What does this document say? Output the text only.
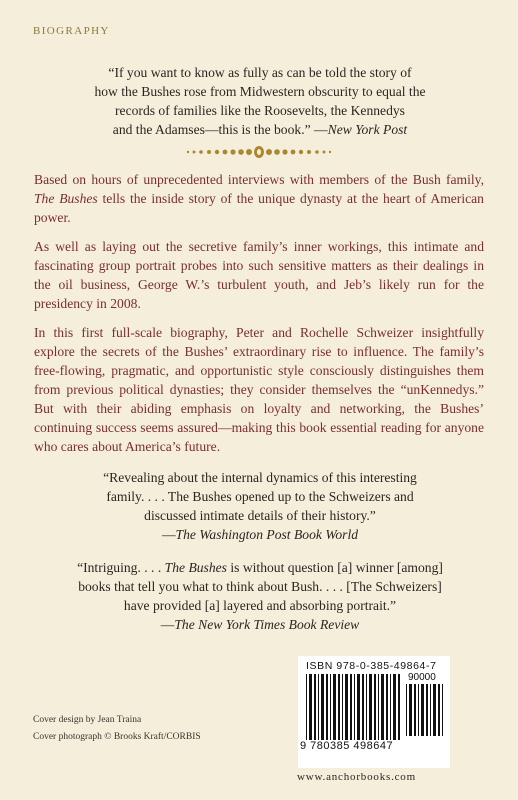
BIOGRAPHY
“If you want to know as fully as can be told the story of
how the Bushes rose from Midwestern obscurity to equal the
records of families like the Roosevelts, the Kennedys
and the Adamses—this is the book.” —New York Post

Based on hours of unprecedented interviews with members of the Bush family, The Bushes tells the inside story of the unique dynasty at the heart of American power.

As well as laying out the secretive family’s inner workings, this intimate and fascinating group portrait probes into such sensitive matters as their dealings in the oil business, George W.’s turbulent youth, and Jeb’s likely run for the presidency in 2008.

In this first full-scale biography, Peter and Rochelle Schweizer insightfully explore the secrets of the Bushes’ extraordinary rise to influence. The family’s free-flowing, pragmatic, and opportunistic style consciously distinguishes them from previous political dynasties; they consider themselves the “unKennedys.” But with their abiding emphasis on loyalty and networking, the Bushes’ continuing success seems assured—making this book essential reading for anyone who cares about America’s future.

“Revealing about the internal dynamics of this interesting
family. . . . The Bushes opened up to the Schweizers and
discussed intimate details of their history.”
—The Washington Post Book World
“Intriguing. . . . The Bushes is without question [a] winner [among]
books that tell you what to think about Bush. . . . [The Schweizers]
have provided [a] layered and absorbing portrait.”
—The New York Times Book Review
ISBN 978-0-385-49864-7
90000
9 780385 498647
Cover design by Jean Traina
Cover photograph © Brooks Kraft/CORBIS
www.anchorbooks.com
